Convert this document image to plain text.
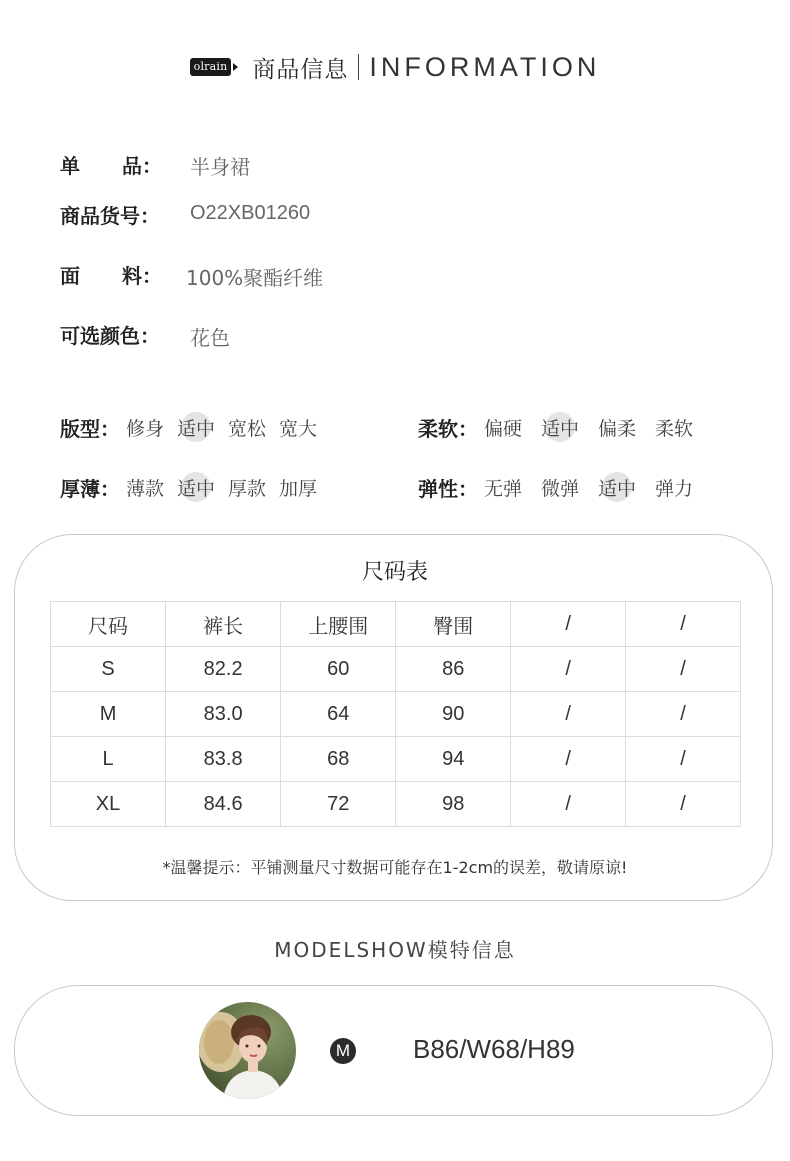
olrain 商品信息 INFORMATION
单 品： 半身裙
商品货号： O22XB01260
面 料： 100%聚酯纤维
可选颜色： 花色
版型： 修身 适中 宽松 宽大	柔软： 偏硬 适中 偏柔 柔软
厚薄： 薄款 适中 厚款 加厚	弹性： 无弹 微弹 适中 弹力
尺码表
尺码	裤长	上腰围	臀围	/	/
S	82.2	60	86	/	/
M	83.0	64	90	/	/
L	83.8	68	94	/	/
XL	84.6	72	98	/	/
*温馨提示：平铺测量尺寸数据可能存在1-2cm的误差，敬请原谅!
MODELSHOW模特信息
M B86/W68/H89
